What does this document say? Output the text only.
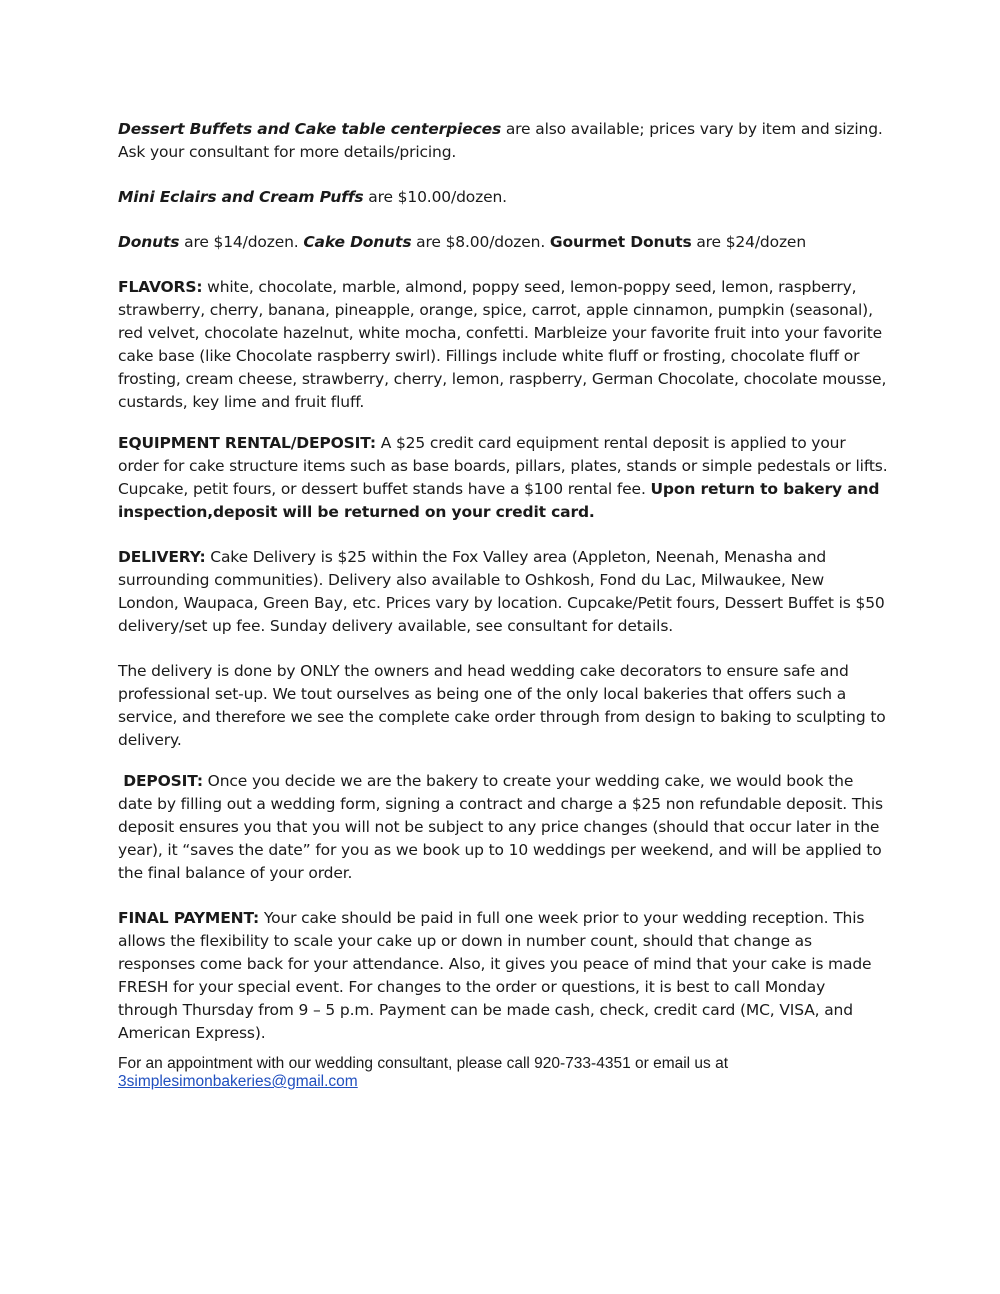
Dessert Buffets and Cake table centerpieces are also available; prices vary by item and sizing. Ask your consultant for more details/pricing.

Mini Eclairs and Cream Puffs are $10.00/dozen.

Donuts are $14/dozen. Cake Donuts are $8.00/dozen. Gourmet Donuts are $24/dozen

FLAVORS: white, chocolate, marble, almond, poppy seed, lemon-poppy seed, lemon, raspberry, strawberry, cherry, banana, pineapple, orange, spice, carrot, apple cinnamon, pumpkin (seasonal), red velvet, chocolate hazelnut, white mocha, confetti. Marbleize your favorite fruit into your favorite cake base (like Chocolate raspberry swirl). Fillings include white fluff or frosting, chocolate fluff or frosting, cream cheese, strawberry, cherry, lemon, raspberry, German Chocolate, chocolate mousse, custards, key lime and fruit fluff.

EQUIPMENT RENTAL/DEPOSIT: A $25 credit card equipment rental deposit is applied to your order for cake structure items such as base boards, pillars, plates, stands or simple pedestals or lifts. Cupcake, petit fours, or dessert buffet stands have a $100 rental fee. Upon return to bakery and inspection,deposit will be returned on your credit card.

DELIVERY: Cake Delivery is $25 within the Fox Valley area (Appleton, Neenah, Menasha and surrounding communities). Delivery also available to Oshkosh, Fond du Lac, Milwaukee, New London, Waupaca, Green Bay, etc. Prices vary by location. Cupcake/Petit fours, Dessert Buffet is $50 delivery/set up fee. Sunday delivery available, see consultant for details.

The delivery is done by ONLY the owners and head wedding cake decorators to ensure safe and professional set-up. We tout ourselves as being one of the only local bakeries that offers such a service, and therefore we see the complete cake order through from design to baking to sculpting to delivery.

DEPOSIT: Once you decide we are the bakery to create your wedding cake, we would book the date by filling out a wedding form, signing a contract and charge a $25 non refundable deposit. This deposit ensures you that you will not be subject to any price changes (should that occur later in the year), it “saves the date” for you as we book up to 10 weddings per weekend, and will be applied to the final balance of your order.

FINAL PAYMENT: Your cake should be paid in full one week prior to your wedding reception. This allows the flexibility to scale your cake up or down in number count, should that change as responses come back for your attendance. Also, it gives you peace of mind that your cake is made FRESH for your special event. For changes to the order or questions, it is best to call Monday through Thursday from 9 – 5 p.m. Payment can be made cash, check, credit card (MC, VISA, and American Express).

For an appointment with our wedding consultant, please call 920-733-4351 or email us at
3simplesimonbakeries@gmail.com
